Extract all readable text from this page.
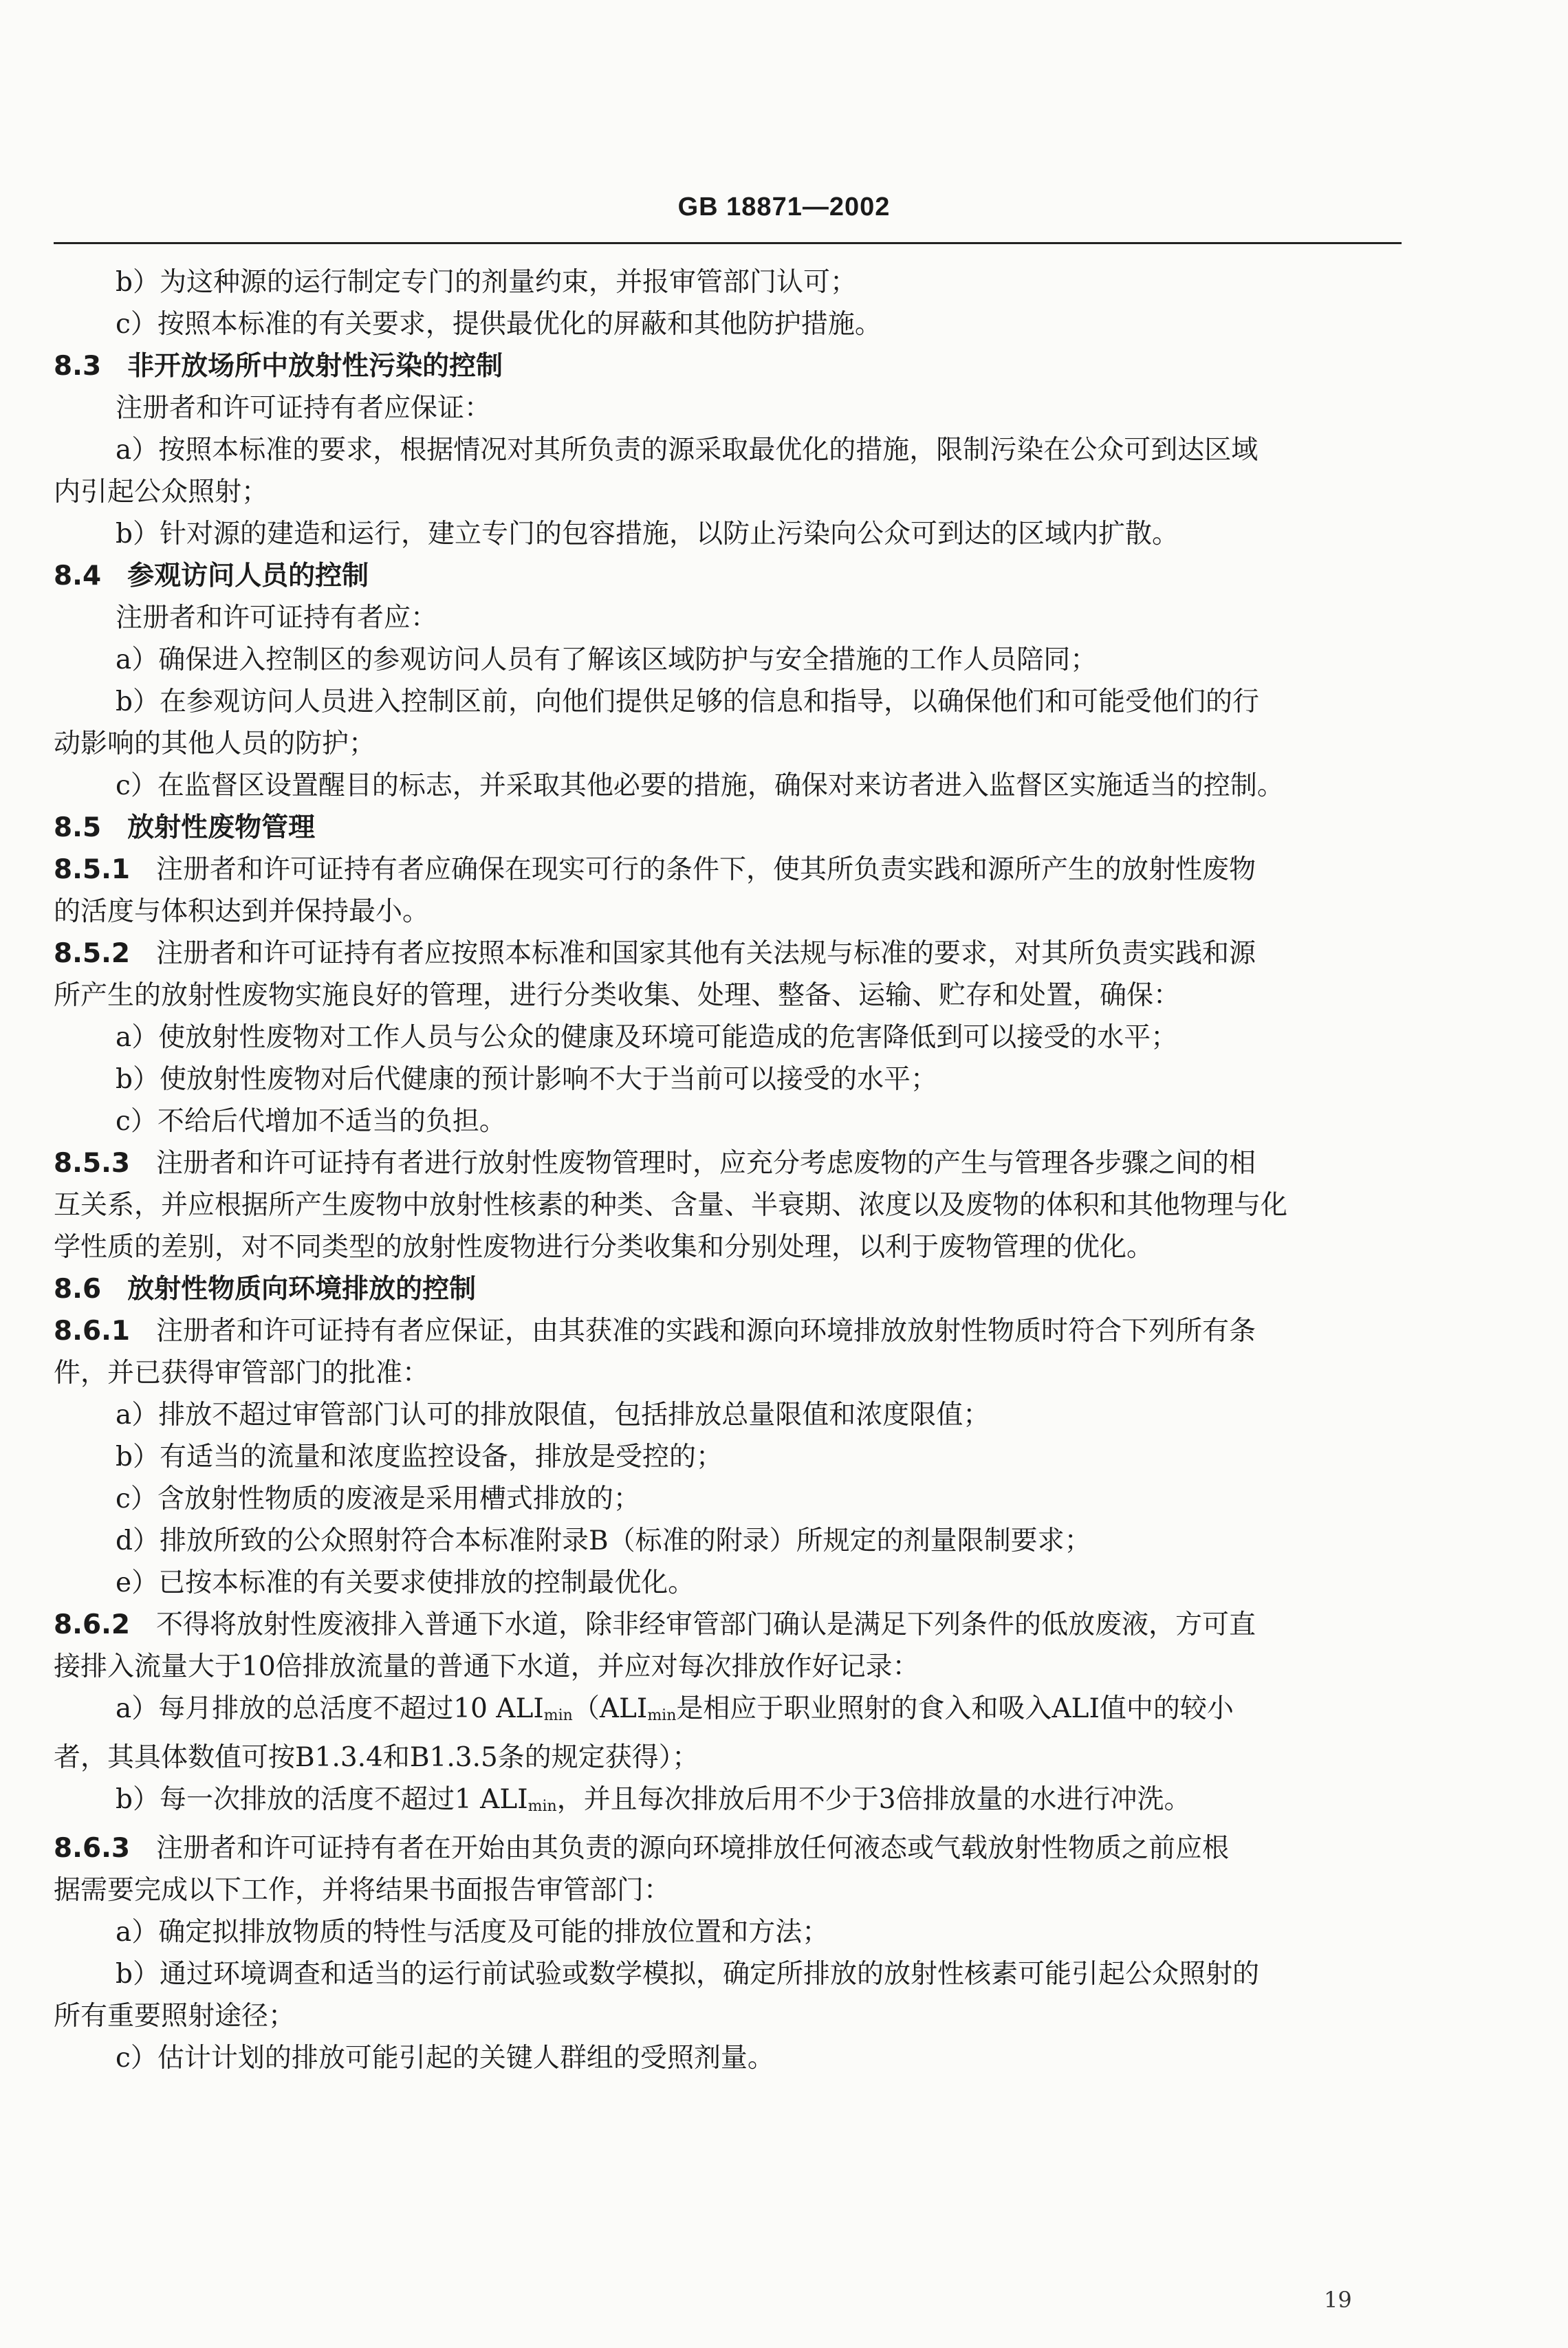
GB 18871—2002

b）为这种源的运行制定专门的剂量约束，并报审管部门认可；

c）按照本标准的有关要求，提供最优化的屏蔽和其他防护措施。

8.3 非开放场所中放射性污染的控制

注册者和许可证持有者应保证：

a）按照本标准的要求，根据情况对其所负责的源采取最优化的措施，限制污染在公众可到达区域

内引起公众照射；

b）针对源的建造和运行，建立专门的包容措施，以防止污染向公众可到达的区域内扩散。

8.4 参观访问人员的控制

注册者和许可证持有者应：

a）确保进入控制区的参观访问人员有了解该区域防护与安全措施的工作人员陪同；

b）在参观访问人员进入控制区前，向他们提供足够的信息和指导，以确保他们和可能受他们的行

动影响的其他人员的防护；

c）在监督区设置醒目的标志，并采取其他必要的措施，确保对来访者进入监督区实施适当的控制。

8.5 放射性废物管理

8.5.1 注册者和许可证持有者应确保在现实可行的条件下，使其所负责实践和源所产生的放射性废物

的活度与体积达到并保持最小。

8.5.2 注册者和许可证持有者应按照本标准和国家其他有关法规与标准的要求，对其所负责实践和源

所产生的放射性废物实施良好的管理，进行分类收集、处理、整备、运输、贮存和处置，确保：

a）使放射性废物对工作人员与公众的健康及环境可能造成的危害降低到可以接受的水平；

b）使放射性废物对后代健康的预计影响不大于当前可以接受的水平；

c）不给后代增加不适当的负担。

8.5.3 注册者和许可证持有者进行放射性废物管理时，应充分考虑废物的产生与管理各步骤之间的相

互关系，并应根据所产生废物中放射性核素的种类、含量、半衰期、浓度以及废物的体积和其他物理与化

学性质的差别，对不同类型的放射性废物进行分类收集和分别处理，以利于废物管理的优化。

8.6 放射性物质向环境排放的控制

8.6.1 注册者和许可证持有者应保证，由其获准的实践和源向环境排放放射性物质时符合下列所有条

件，并已获得审管部门的批准：

a）排放不超过审管部门认可的排放限值，包括排放总量限值和浓度限值；

b）有适当的流量和浓度监控设备，排放是受控的；

c）含放射性物质的废液是采用槽式排放的；

d）排放所致的公众照射符合本标准附录B（标准的附录）所规定的剂量限制要求；

e）已按本标准的有关要求使排放的控制最优化。

8.6.2 不得将放射性废液排入普通下水道，除非经审管部门确认是满足下列条件的低放废液，方可直

接排入流量大于10倍排放流量的普通下水道，并应对每次排放作好记录：

a）每月排放的总活度不超过10 $ALI_{min}(ALI_{min}$是相应于职业照射的食入和吸入ALI值中的较小

者，其具体数值可按B1.3.4和B1.3.5条的规定获得）；

b）每一次排放的活度不超过1 $ALI_{min}$，并且每次排放后用不少于3倍排放量的水进行冲洗。

8.6.3 注册者和许可证持有者在开始由其负责的源向环境排放任何液态或气载放射性物质之前应根

据需要完成以下工作，并将结果书面报告审管部门：

a）确定拟排放物质的特性与活度及可能的排放位置和方法；

b）通过环境调查和适当的运行前试验或数学模拟，确定所排放的放射性核素可能引起公众照射的

所有重要照射途径；

c）估计计划的排放可能引起的关键人群组的受照剂量。

19
